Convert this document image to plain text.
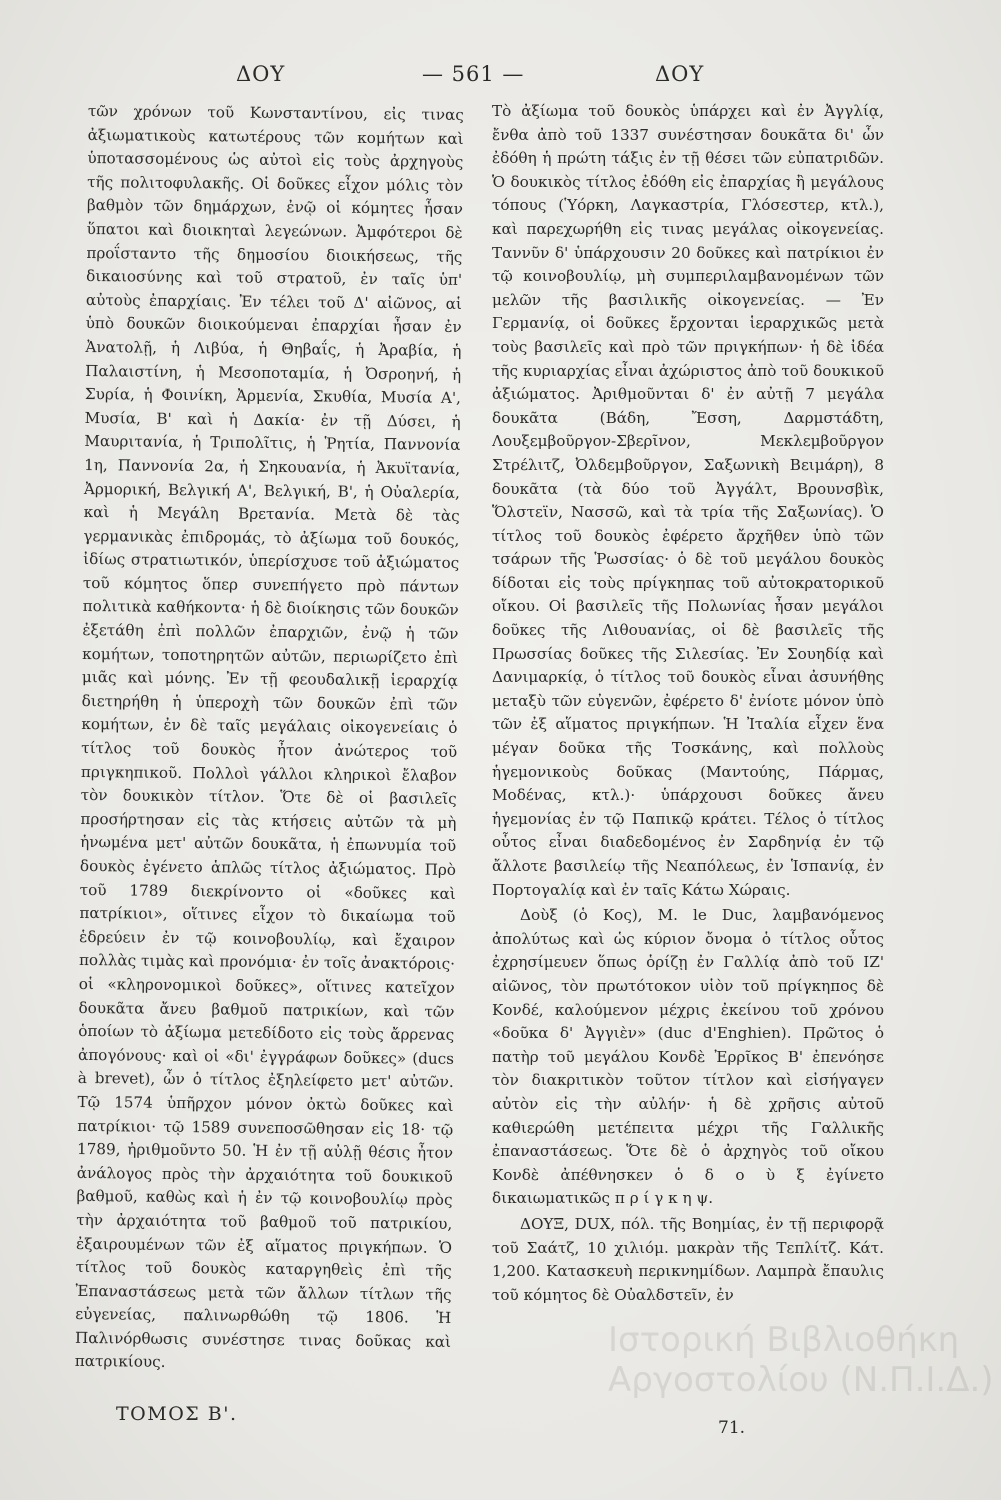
ΔΟΥ	— 561 —	ΔΟΥ

τῶν χρόνων τοῦ Κωνσταντίνου, εἰς τινας ἀξιωματικοὺς κατωτέρους τῶν κομήτων καὶ ὑποτασσομένους ὡς αὐτοὶ εἰς τοὺς ἀρχηγοὺς τῆς πολιτοφυλακῆς. Οἱ δοῦκες εἶχον μόλις τὸν βαθμὸν τῶν δημάρχων, ἐνῷ οἱ κόμητες ἦσαν ὕπατοι καὶ διοικηταὶ λεγεώνων. Ἀμφότεροι δὲ προΐσταντο τῆς δημοσίου διοικήσεως, τῆς δικαιοσύνης καὶ τοῦ στρατοῦ, ἐν ταῖς ὑπ' αὐτοὺς ἐπαρχίαις. Ἐν τέλει τοῦ Δ' αἰῶνος, αἱ ὑπὸ δουκῶν διοικούμεναι ἐπαρχίαι ἦσαν ἐν Ἀνατολῇ, ἡ Λιβύα, ἡ Θηβαΐς, ἡ Ἀραβία, ἡ Παλαιστίνη, ἡ Μεσοποταμία, ἡ Ὀσροηνή, ἡ Συρία, ἡ Φοινίκη, Ἀρμενία, Σκυθία, Μυσία Α', Μυσία, Β' καὶ ἡ Δακία· ἐν τῇ Δύσει, ἡ Μαυριτανία, ἡ Τριπολῖτις, ἡ Ῥητία, Παννονία 1η, Παννονία 2α, ἡ Σηκουανία, ἡ Ἀκυϊτανία, Ἀρμορική, Βελγική Α', Βελγική, Β', ἡ Οὐαλερία, καὶ ἡ Μεγάλη Βρετανία. Μετὰ δὲ τὰς γερμανικὰς ἐπιδρομάς, τὸ ἀξίωμα τοῦ δουκός, ἰδίως στρατιωτικόν, ὑπερίσχυσε τοῦ ἀξιώματος τοῦ κόμητος ὅπερ συνεπήγετο πρὸ πάντων πολιτικὰ καθήκοντα· ἡ δὲ διοίκησις τῶν δουκῶν ἐξετάθη ἐπὶ πολλῶν ἐπαρχιῶν, ἐνῷ ἡ τῶν κομήτων, τοποτηρητῶν αὐτῶν, περιωρίζετο ἐπὶ μιᾶς καὶ μόνης. Ἐν τῇ φεουδαλικῇ ἱεραρχίᾳ διετηρήθη ἡ ὑπεροχὴ τῶν δουκῶν ἐπὶ τῶν κομήτων, ἐν δὲ ταῖς μεγάλαις οἰκογενείαις ὁ τίτλος τοῦ δουκὸς ἦτον ἀνώτερος τοῦ πριγκηπικοῦ. Πολλοὶ γάλλοι κληρικοὶ ἔλαβον τὸν δουκικὸν τίτλον. Ὅτε δὲ οἱ βασιλεῖς προσήρτησαν εἰς τὰς κτήσεις αὐτῶν τὰ μὴ ἡνωμένα μετ' αὐτῶν δουκᾶτα, ἡ ἐπωνυμία τοῦ δουκὸς ἐγένετο ἁπλῶς τίτλος ἀξιώματος. Πρὸ τοῦ 1789 διεκρίνοντο οἱ «δοῦκες καὶ πατρίκιοι», οἵτινες εἶχον τὸ δικαίωμα τοῦ ἑδρεύειν ἐν τῷ κοινοβουλίῳ, καὶ ἔχαιρον πολλὰς τιμὰς καὶ προνόμια· ἐν τοῖς ἀνακτόροις· οἱ «κληρονομικοὶ δοῦκες», οἵτινες κατεῖχον δουκᾶτα ἄνευ βαθμοῦ πατρικίων, καὶ τῶν ὁποίων τὸ ἀξίωμα μετεδίδοτο εἰς τοὺς ἄρρενας ἀπογόνους· καὶ οἱ «δι' ἐγγράφων δοῦκες» (ducs à brevet), ὧν ὁ τίτλος ἐξηλείφετο μετ' αὐτῶν. Τῷ 1574 ὑπῆρχον μόνον ὀκτὼ δοῦκες καὶ πατρίκιοι· τῷ 1589 συνεποσῶθησαν εἰς 18· τῷ 1789, ἠριθμοῦντο 50. Ἡ ἐν τῇ αὐλῇ θέσις ἦτον ἀνάλογος πρὸς τὴν ἀρχαιότητα τοῦ δουκικοῦ βαθμοῦ, καθὼς καὶ ἡ ἐν τῷ κοινοβουλίῳ πρὸς τὴν ἀρχαιότητα τοῦ βαθμοῦ τοῦ πατρικίου, ἐξαιρουμένων τῶν ἐξ αἵματος πριγκήπων. Ὁ τίτλος τοῦ δουκὸς καταργηθεὶς ἐπὶ τῆς Ἐπαναστάσεως μετὰ τῶν ἄλλων τίτλων τῆς εὐγενείας, παλινωρθώθη τῷ 1806. Ἡ Παλινόρθωσις συνέστησε τινας δοῦκας καὶ πατρικίους.

Τὸ ἀξίωμα τοῦ δουκὸς ὑπάρχει καὶ ἐν Ἀγγλίᾳ, ἔνθα ἀπὸ τοῦ 1337 συνέστησαν δουκᾶτα δι' ὧν ἐδόθη ἡ πρώτη τάξις ἐν τῇ θέσει τῶν εὐπατριδῶν. Ὁ δουκικὸς τίτλος ἐδόθη εἰς ἐπαρχίας ἢ μεγάλους τόπους (Ὑόρκη, Λαγκαστρία, Γλόσεστερ, κτλ.), καὶ παρεχωρήθη εἰς τινας μεγάλας οἰκογενείας. Ταννῦν δ' ὑπάρχουσιν 20 δοῦκες καὶ πατρίκιοι ἐν τῷ κοινοβουλίῳ, μὴ συμπεριλαμβανομένων τῶν μελῶν τῆς βασιλικῆς οἰκογενείας. — Ἐν Γερμανίᾳ, οἱ δοῦκες ἔρχονται ἱεραρχικῶς μετὰ τοὺς βασιλεῖς καὶ πρὸ τῶν πριγκήπων· ἡ δὲ ἰδέα τῆς κυριαρχίας εἶναι ἀχώριστος ἀπὸ τοῦ δουκικοῦ ἀξιώματος. Ἀριθμοῦνται δ' ἐν αὐτῇ 7 μεγάλα δουκᾶτα (Βάδη, Ἔσση, Δαρμστάδτη, Λουξεμβοῦργον-Σβερῖνον, Μεκλεμβοῦργον Στρέλιτζ, Ὀλδεμβοῦργον, Σαξωνικὴ Βειμάρη), 8 δουκᾶτα (τὰ δύο τοῦ Ἀγγάλτ, Βρουνσβὶκ, Ὅλστεϊν, Νασσῶ, καὶ τὰ τρία τῆς Σαξωνίας). Ὁ τίτλος τοῦ δουκὸς ἐφέρετο ἄρχῆθεν ὑπὸ τῶν τσάρων τῆς Ῥωσσίας· ὁ δὲ τοῦ μεγάλου δουκὸς δίδοται εἰς τοὺς πρίγκηπας τοῦ αὐτοκρατορικοῦ οἴκου. Οἱ βασιλεῖς τῆς Πολωνίας ἦσαν μεγάλοι δοῦκες τῆς Λιθουανίας, οἱ δὲ βασιλεῖς τῆς Πρωσσίας δοῦκες τῆς Σιλεσίας. Ἐν Σουηδίᾳ καὶ Δανιμαρκίᾳ, ὁ τίτλος τοῦ δουκὸς εἶναι ἀσυνήθης μεταξὺ τῶν εὐγενῶν, ἐφέρετο δ' ἐνίοτε μόνον ὑπὸ τῶν ἐξ αἵματος πριγκήπων. Ἡ Ἰταλία εἶχεν ἕνα μέγαν δοῦκα τῆς Τοσκάνης, καὶ πολλοὺς ἡγεμονικοὺς δοῦκας (Μαντούης, Πάρμας, Μοδένας, κτλ.)· ὑπάρχουσι δοῦκες ἄνευ ἡγεμονίας ἐν τῷ Παπικῷ κράτει. Τέλος ὁ τίτλος οὗτος εἶναι διαδεδομένος ἐν Σαρδηνίᾳ ἐν τῷ ἄλλοτε βασιλείῳ τῆς Νεαπόλεως, ἐν Ἱσπανίᾳ, ἐν Πορτογαλίᾳ καὶ ἐν ταῖς Κάτω Χώραις.

Δοὺξ (ὁ Κος), M. le Duc, λαμβανόμενος ἀπολύτως καὶ ὡς κύριον ὄνομα ὁ τίτλος οὗτος ἐχρησίμευεν ὅπως ὁρίζῃ ἐν Γαλλίᾳ ἀπὸ τοῦ ΙΖ' αἰῶνος, τὸν πρωτότοκον υἱὸν τοῦ πρίγκηπος δὲ Κονδέ, καλούμενον μέχρις ἐκείνου τοῦ χρόνου «δοῦκα δ' Ἀγγιὲν» (duc d'Enghien). Πρῶτος ὁ πατὴρ τοῦ μεγάλου Κονδὲ Ἐρρῖκος Β' ἐπενόησε τὸν διακριτικὸν τοῦτον τίτλον καὶ εἰσήγαγεν αὐτὸν εἰς τὴν αὐλήν· ἡ δὲ χρῆσις αὐτοῦ καθιερώθη μετέπειτα μέχρι τῆς Γαλλικῆς ἐπαναστάσεως. Ὅτε δὲ ὁ ἀρχηγὸς τοῦ οἴκου Κονδὲ ἀπέθνησκεν ὁ δ ο ὺ ξ ἐγίνετο δικαιωματικῶς π ρ ί γ κ η ψ.

ΔΟΥΞ, DUX, πόλ. τῆς Βοημίας, ἐν τῇ περιφορᾷ τοῦ Σαάτζ, 10 χιλιόμ. μακρὰν τῆς Τεπλίτζ. Κάτ. 1,200. Κατασκευὴ περικνημίδων. Λαμπρὰ ἔπαυλις τοῦ κόμητος δὲ Οὐαλδστεῖν, ἐν

Ιστορική Βιβλιοθήκη
Αργοστολίου (Ν.Π.Ι.Δ.)
ΤΟΜΟΣ Β'.
71.
